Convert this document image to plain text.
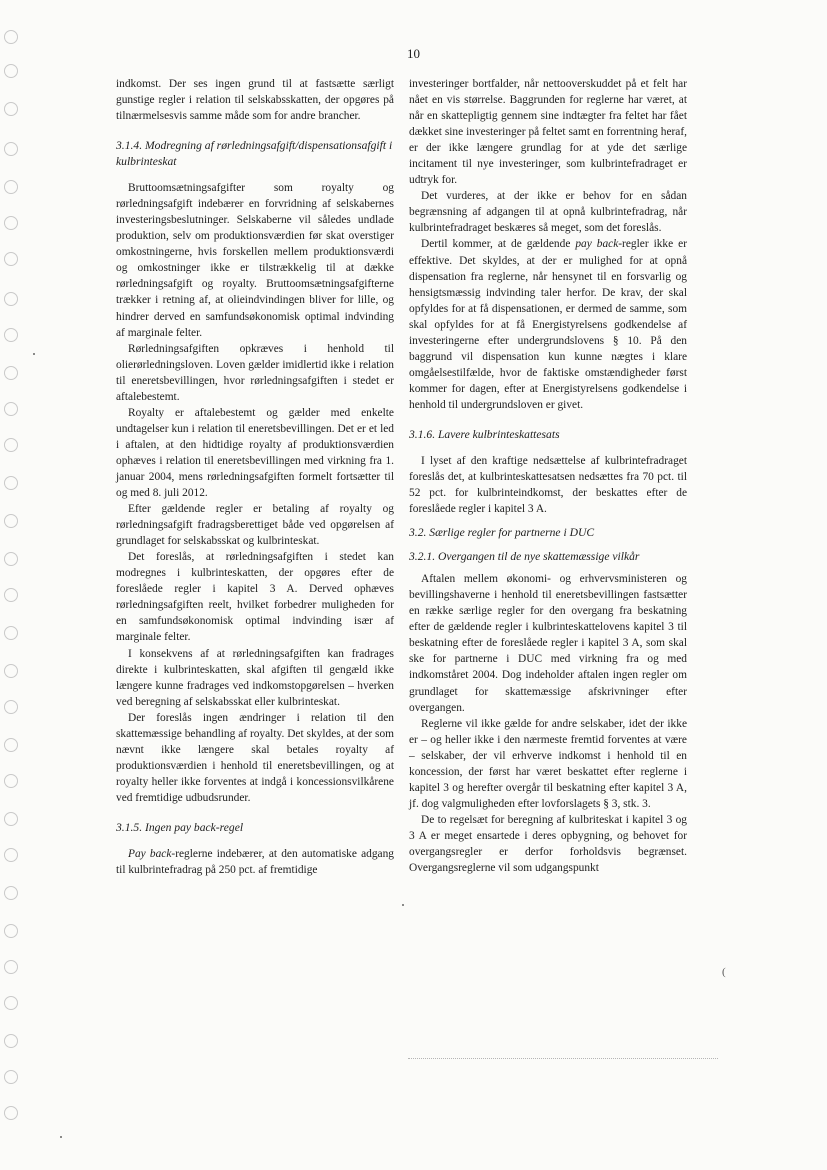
10

indkomst. Der ses ingen grund til at fastsætte særligt gunstige regler i relation til selskabsskatten, der opgøres på tilnærmelsesvis samme måde som for andre brancher.

3.1.4. Modregning af rørledningsafgift/dispensationsafgift i kulbrinteskat

Bruttoomsætningsafgifter som royalty og rørledningsafgift indebærer en forvridning af selskabernes investeringsbeslutninger. Selskaberne vil således undlade produktion, selv om produktionsværdien før skat overstiger omkostningerne, hvis forskellen mellem produktionsværdi og omkostninger ikke er tilstrækkelig til at dække rørledningsafgift og royalty. Bruttoomsætningsafgifterne trækker i retning af, at olieindvindingen bliver for lille, og hindrer derved en samfundsøkonomisk optimal indvinding af marginale felter.

Rørledningsafgiften opkræves i henhold til olierørledningsloven. Loven gælder imidlertid ikke i relation til eneretsbevillingen, hvor rørledningsafgiften i stedet er aftalebestemt.

Royalty er aftalebestemt og gælder med enkelte undtagelser kun i relation til eneretsbevillingen. Det er et led i aftalen, at den hidtidige royalty af produktionsværdien ophæves i relation til eneretsbevillingen med virkning fra 1. januar 2004, mens rørledningsafgiften formelt fortsætter til og med 8. juli 2012.

Efter gældende regler er betaling af royalty og rørledningsafgift fradragsberettiget både ved opgørelsen af grundlaget for selskabsskat og kulbrinteskat.

Det foreslås, at rørledningsafgiften i stedet kan modregnes i kulbrinteskatten, der opgøres efter de foreslåede regler i kapitel 3 A. Derved ophæves rørledningsafgiften reelt, hvilket forbedrer muligheden for en samfundsøkonomisk optimal indvinding især af marginale felter.

I konsekvens af at rørledningsafgiften kan fradrages direkte i kulbrinteskatten, skal afgiften til gengæld ikke længere kunne fradrages ved indkomstopgørelsen – hverken ved beregning af selskabsskat eller kulbrinteskat.

Der foreslås ingen ændringer i relation til den skattemæssige behandling af royalty. Det skyldes, at der som nævnt ikke længere skal betales royalty af produktionsværdien i henhold til eneretsbevillingen, og at royalty heller ikke forventes at indgå i koncessionsvilkårene ved fremtidige udbudsrunder.

3.1.5. Ingen pay back-regel

Pay back-reglerne indebærer, at den automatiske adgang til kulbrintefradrag på 250 pct. af fremtidige

investeringer bortfalder, når nettooverskuddet på et felt har nået en vis størrelse. Baggrunden for reglerne har været, at når en skattepligtig gennem sine indtægter fra feltet har fået dækket sine investeringer på feltet samt en forrentning heraf, er der ikke længere grundlag for at yde det særlige incitament til nye investeringer, som kulbrintefradraget er udtryk for.

Det vurderes, at der ikke er behov for en sådan begrænsning af adgangen til at opnå kulbrintefradrag, når kulbrintefradraget beskæres så meget, som det foreslås.

Dertil kommer, at de gældende pay back-regler ikke er effektive. Det skyldes, at der er mulighed for at opnå dispensation fra reglerne, når hensynet til en forsvarlig og hensigtsmæssig indvinding taler herfor. De krav, der skal opfyldes for at få dispensationen, er dermed de samme, som skal opfyldes for at få Energistyrelsens godkendelse af investeringerne efter undergrundslovens § 10. På den baggrund vil dispensation kun kunne nægtes i klare omgåelsestilfælde, hvor de faktiske omstændigheder først kommer for dagen, efter at Energistyrelsens godkendelse i henhold til undergrundsloven er givet.

3.1.6. Lavere kulbrinteskattesats

I lyset af den kraftige nedsættelse af kulbrintefradraget foreslås det, at kulbrinteskattesatsen nedsættes fra 70 pct. til 52 pct. for kulbrinteindkomst, der beskattes efter de foreslåede regler i kapitel 3 A.

3.2. Særlige regler for partnerne i DUC
3.2.1. Overgangen til de nye skattemæssige vilkår

Aftalen mellem økonomi- og erhvervsministeren og bevillingshaverne i henhold til eneretsbevillingen fastsætter en række særlige regler for den overgang fra beskatning efter de gældende regler i kulbrinteskattelovens kapitel 3 til beskatning efter de foreslåede regler i kapitel 3 A, som skal ske for partnerne i DUC med virkning fra og med indkomståret 2004. Dog indeholder aftalen ingen regler om grundlaget for skattemæssige afskrivninger efter overgangen.

Reglerne vil ikke gælde for andre selskaber, idet der ikke er – og heller ikke i den nærmeste fremtid forventes at være – selskaber, der vil erhverve indkomst i henhold til en koncession, der først har været beskattet efter reglerne i kapitel 3 og herefter overgår til beskatning efter kapitel 3 A, jf. dog valgmuligheden efter lovforslagets § 3, stk. 3.

De to regelsæt for beregning af kulbriteskat i kapitel 3 og 3 A er meget ensartede i deres opbygning, og behovet for overgangsregler er derfor forholdsvis begrænset. Overgangsreglerne vil som udgangspunkt

(
